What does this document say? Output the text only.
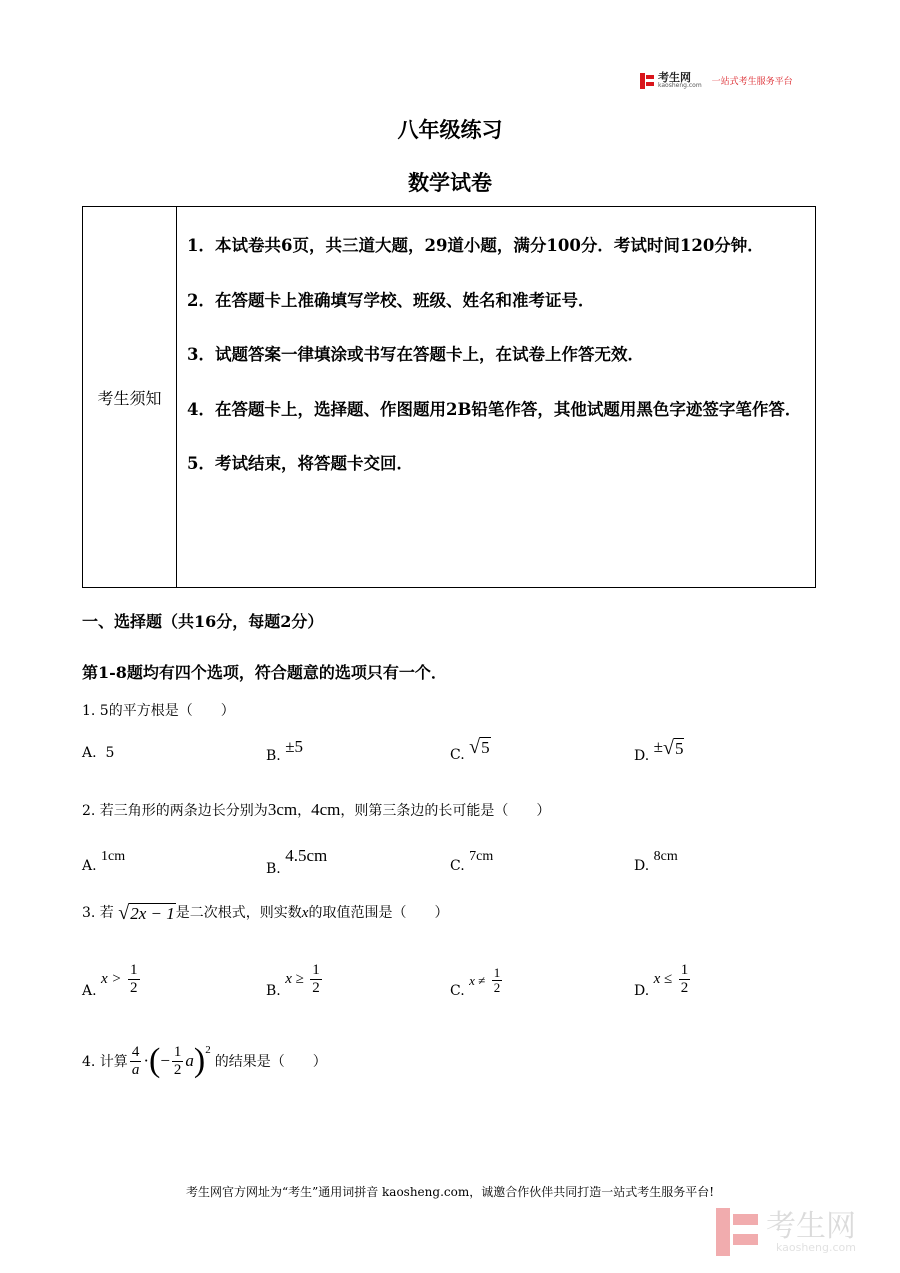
考生网
kaosheng.com 一站式考生服务平台
八年级练习
数学试卷
考生须知

1．本试卷共6页，共三道大题，29道小题，满分100分．考试时间120分钟．

2．在答题卡上准确填写学校、班级、姓名和准考证号．

3．试题答案一律填涂或书写在答题卡上，在试卷上作答无效．

4．在答题卡上，选择题、作图题用2B铅笔作答，其他试题用黑色字迹签字笔作答．

5．考试结束，将答题卡交回．

一、选择题（共16分，每题2分）
第1-8题均有四个选项，符合题意的选项只有一个．
1. 5的平方根是（　　）
A. 5	B. ±5	C. √ 5	D. ± √ 5
2. 若三角形的两条边长分别为3cm，4cm，则第三条边的长可能是（　　）
A. 1cm
B. 4.5cm
C. 7cm
D. 8cm
3. 若 √ 2x − 1 是二次根式，则实数x的取值范围是（　　）
A. $x > \frac{1}{2}$	B. $x \ge \frac{1}{2}$	C. $x \ne \frac{1}{2}$	D. $x \le \frac{1}{2}$
4. 计算 $\frac{4}{a}$ · ( − $\frac{1}{2}$ a ) 2
的结果是（　　）
考生网官方网址为“考生”通用词拼音 kaosheng.com，诚邀合作伙伴共同打造一站式考生服务平台!
考生网
kaosheng.com
